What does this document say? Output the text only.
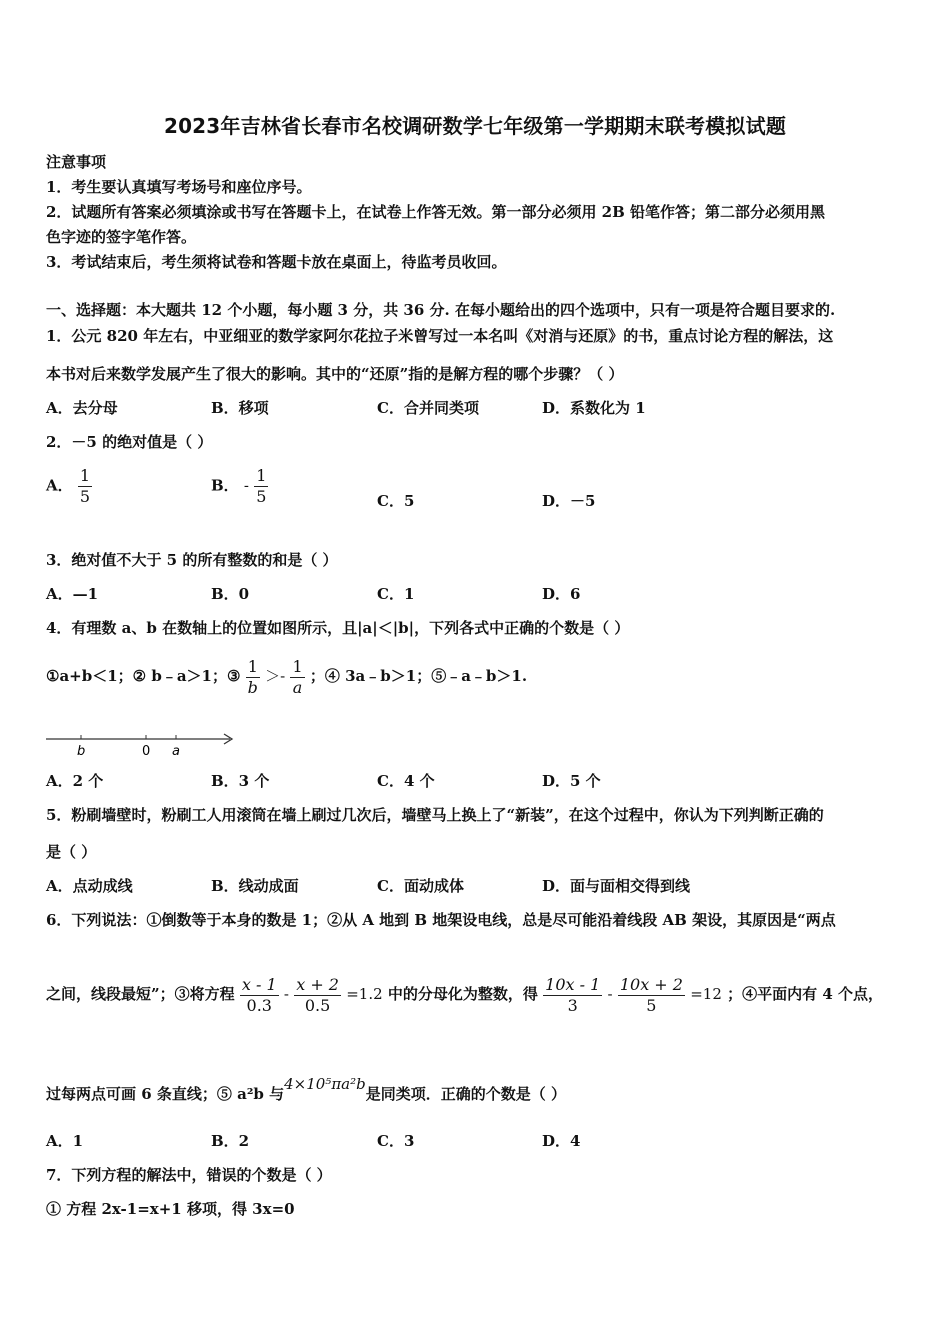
2023年吉林省长春市名校调研数学七年级第一学期期末联考模拟试题
注意事项
1．考生要认真填写考场号和座位序号。
2．试题所有答案必须填涂或书写在答题卡上，在试卷上作答无效。第一部分必须用 2B 铅笔作答；第二部分必须用黑
色字迹的签字笔作答。
3．考试结束后，考生须将试卷和答题卡放在桌面上，待监考员收回。
一、选择题：本大题共 12 个小题，每小题 3 分，共 36 分. 在每小题给出的四个选项中，只有一项是符合题目要求的.
1．公元 820 年左右，中亚细亚的数学家阿尔花拉子米曾写过一本名叫《对消与还原》的书，重点讨论方程的解法，这
本书对后来数学发展产生了很大的影响。其中的“还原”指的是解方程的哪个步骤？（ ）
A．去分母	B．移项	C．合并同类项	D．系数化为 1
2．－5 的绝对值是（ ）
A． $\frac{1}{5}$	B． - $\frac{1}{5}$	C．5	D．－5
3．绝对值不大于 5 的所有整数的和是（ ）
A．—1	B．0	C．1	D．6
4．有理数 a、b 在数轴上的位置如图所示，且|a|＜|b|，下列各式中正确的个数是（ ）
①a+b＜1；② b﹣a＞1；③ $\frac{1}{b} >- \frac{1}{a}$ ；④ 3a﹣b＞1；⑤﹣a﹣b＞1.
b	0 a
A．2 个	B．3 个	C．4 个	D．5 个
5．粉刷墙壁时，粉刷工人用滚筒在墙上刷过几次后，墙壁马上换上了“新装”，在这个过程中，你认为下列判断正确的
是（ ）
A．点动成线	B．线动成面	C．面动成体	D．面与面相交得到线
6．下列说法：①倒数等于本身的数是 1；②从 A 地到 B 地架设电线，总是尽可能沿着线段 AB 架设，其原因是“两点
之间，线段最短”；③将方程 $\frac{x - 1}{0.3} - \frac{x + 2}{0.5} =1.2$ 中的分母化为整数，得 $\frac{10x - 1}{3} - \frac{10x + 2}{5} =12$ ；④平面内有 4 个点，
过每两点可画 6 条直线；⑤ a²b 与4×10⁵πa²b是同类项．正确的个数是（ ）
A．1	B．2	C．3	D．4
7．下列方程的解法中，错误的个数是（ ）
① 方程 2x-1=x+1 移项，得 3x=0
